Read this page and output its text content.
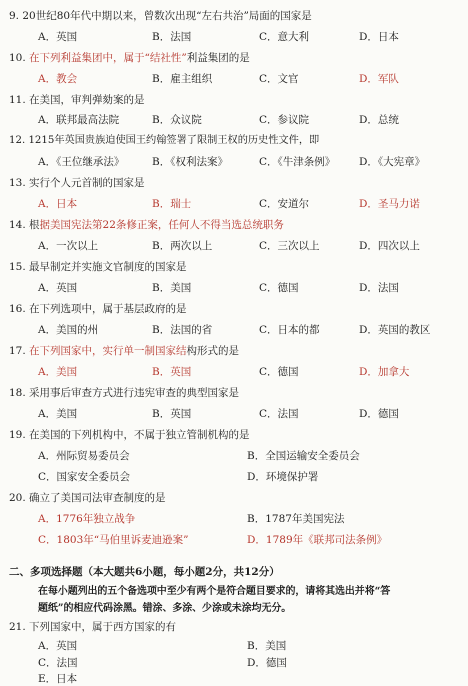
9. 20世纪80年代中期以来，曾数次出现“左右共治”局面的国家是
A．英国	B．法国	C．意大利	D．日本
10. 在下列利益集团中，属于“结社性”利益集团的是
A．教会	B．雇主组织	C．文官	D．军队
11. 在美国，审判弹劾案的是
A．联邦最高法院	B．众议院	C．参议院	D．总统
12. 1215年英国贵族迫使国王约翰签署了限制王权的历史性文件，即
A．《王位继承法》	B．《权利法案》	C．《牛津条例》 D．《大宪章》
13. 实行个人元首制的国家是
A．日本	B．瑞士	C．安道尔	D．圣马力诺
14. 根据美国宪法第22条修正案，任何人不得当选总统职务
A．一次以上	B．两次以上	C．三次以上	D．四次以上
15. 最早制定并实施文官制度的国家是
A．英国	B．美国	C．德国	D．法国
16. 在下列选项中，属于基层政府的是
A．美国的州	B．法国的省	C．日本的都	D．英国的教区
17. 在下列国家中，实行单一制国家结构形式的是
A．美国	B．英国	C．德国	D．加拿大
18. 采用事后审查方式进行违宪审查的典型国家是
A．美国	B．英国	C．法国	D．德国
19. 在美国的下列机构中，不属于独立管制机构的是
A．州际贸易委员会	B．全国运输安全委员会
C．国家安全委员会	D．环境保护署
20. 确立了美国司法审查制度的是
A．1776年独立战争	B．1787年美国宪法
C．1803年“马伯里诉麦迪逊案”	D．1789年《联邦司法条例》
二、多项选择题（本大题共6小题，每小题2分，共12分）
在每小题列出的五个备选项中至少有两个是符合题目要求的，请将其选出并将“答
题纸”的相应代码涂黑。错涂、多涂、少涂或未涂均无分。
21. 下列国家中，属于西方国家的有
A．英国	B．美国
C．法国	D．德国
E．日本
